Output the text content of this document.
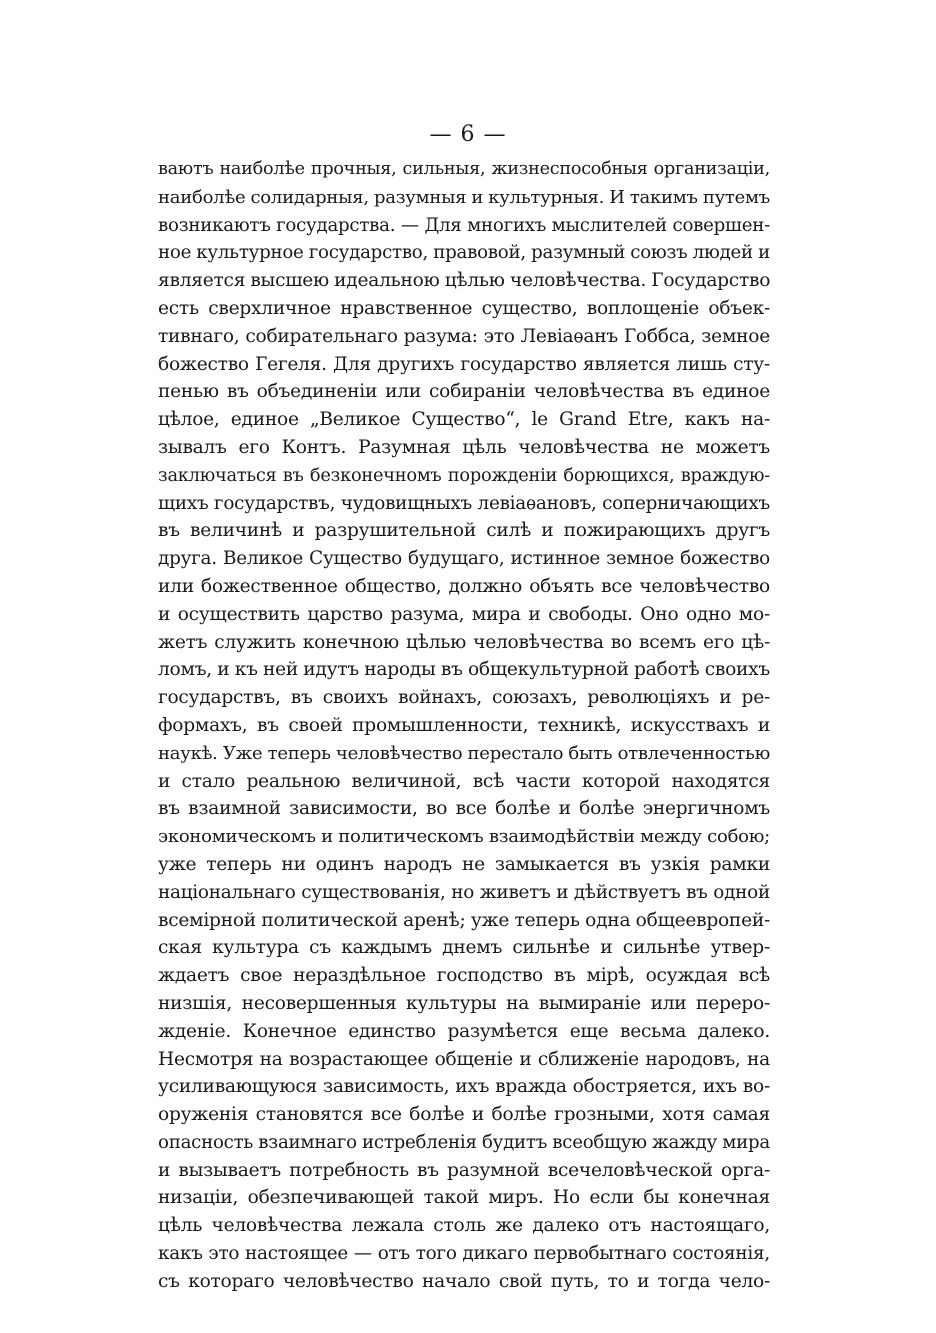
— 6 —
ваютъ наиболѣе прочныя, сильныя, жизнеспособныя организаціи,
наиболѣе солидарныя, разумныя и культурныя. И такимъ путемъ
возникаютъ государства. — Для многихъ мыслителей совершен-
ное культурное государство, правовой, разумный союзъ людей и
является высшею идеальною цѣлью человѣчества. Государство
есть сверхличное нравственное существо, воплощеніе объек-
тивнаго, собирательнаго разума: это Левіаѳанъ Гоббса, земное
божество Гегеля. Для другихъ государство является лишь сту-
пенью въ объединеніи или собираніи человѣчества въ единое
цѣлое, единое „Великое Существо“, le Grand Etre, какъ на-
зывалъ его Контъ. Разумная цѣль человѣчества не можетъ
заключаться въ безконечномъ порожденіи борющихся, враждую-
щихъ государствъ, чудовищныхъ левіаѳановъ, соперничающихъ
въ величинѣ и разрушительной силѣ и пожирающихъ другъ
друга. Великое Существо будущаго, истинное земное божество
или божественное общество, должно объять все человѣчество
и осуществить царство разума, мира и свободы. Оно одно мо-
жетъ служить конечною цѣлью человѣчества во всемъ его цѣ-
ломъ, и къ ней идутъ народы въ общекультурной работѣ своихъ
государствъ, въ своихъ войнахъ, союзахъ, революціяхъ и ре-
формахъ, въ своей промышленности, техникѣ, искусствахъ и
наукѣ. Уже теперь человѣчество перестало быть отвлеченностью
и стало реальною величиной, всѣ части которой находятся
въ взаимной зависимости, во все болѣе и болѣе энергичномъ
экономическомъ и политическомъ взаимодѣйствіи между собою;
уже теперь ни одинъ народъ не замыкается въ узкія рамки
національнаго существованія, но живетъ и дѣйствуетъ въ одной
всемірной политической аренѣ; уже теперь одна общеевропей-
ская культура съ каждымъ днемъ сильнѣе и сильнѣе утвер-
ждаетъ свое нераздѣльное господство въ мірѣ, осуждая всѣ
низшія, несовершенныя культуры на вымираніе или переро-
жденіе. Конечное единство разумѣется еще весьма далеко.
Несмотря на возрастающее общеніе и сближеніе народовъ, на
усиливающуюся зависимость, ихъ вражда обостряется, ихъ во-
оруженія становятся все болѣе и болѣе грозными, хотя самая
опасность взаимнаго истребленія будитъ всеобщую жажду мира
и вызываетъ потребность въ разумной всечеловѣческой орга-
низаціи, обезпечивающей такой миръ. Но если бы конечная
цѣль человѣчества лежала столь же далеко отъ настоящаго,
какъ это настоящее — отъ того дикаго первобытнаго состоянія,
съ котораго человѣчество начало свой путь, то и тогда чело-
